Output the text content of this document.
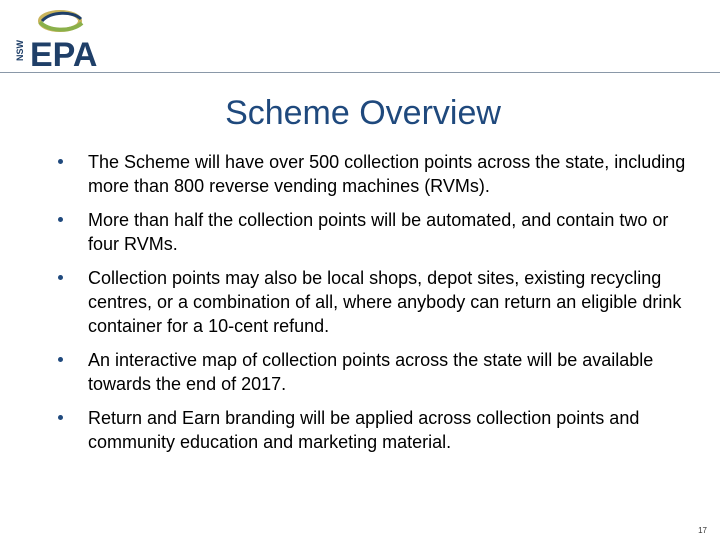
NSW EPA
Scheme Overview
The Scheme will have over 500 collection points across the state, including more than 800 reverse vending machines (RVMs).
More than half the collection points will be automated, and contain two or four RVMs.
Collection points may also be local shops, depot sites, existing recycling centres, or a combination of all, where anybody can return an eligible drink container for a 10-cent refund.
An interactive map of collection points across the state will be available towards the end of 2017.
Return and Earn branding will be applied across collection points and community education and marketing material.
17
